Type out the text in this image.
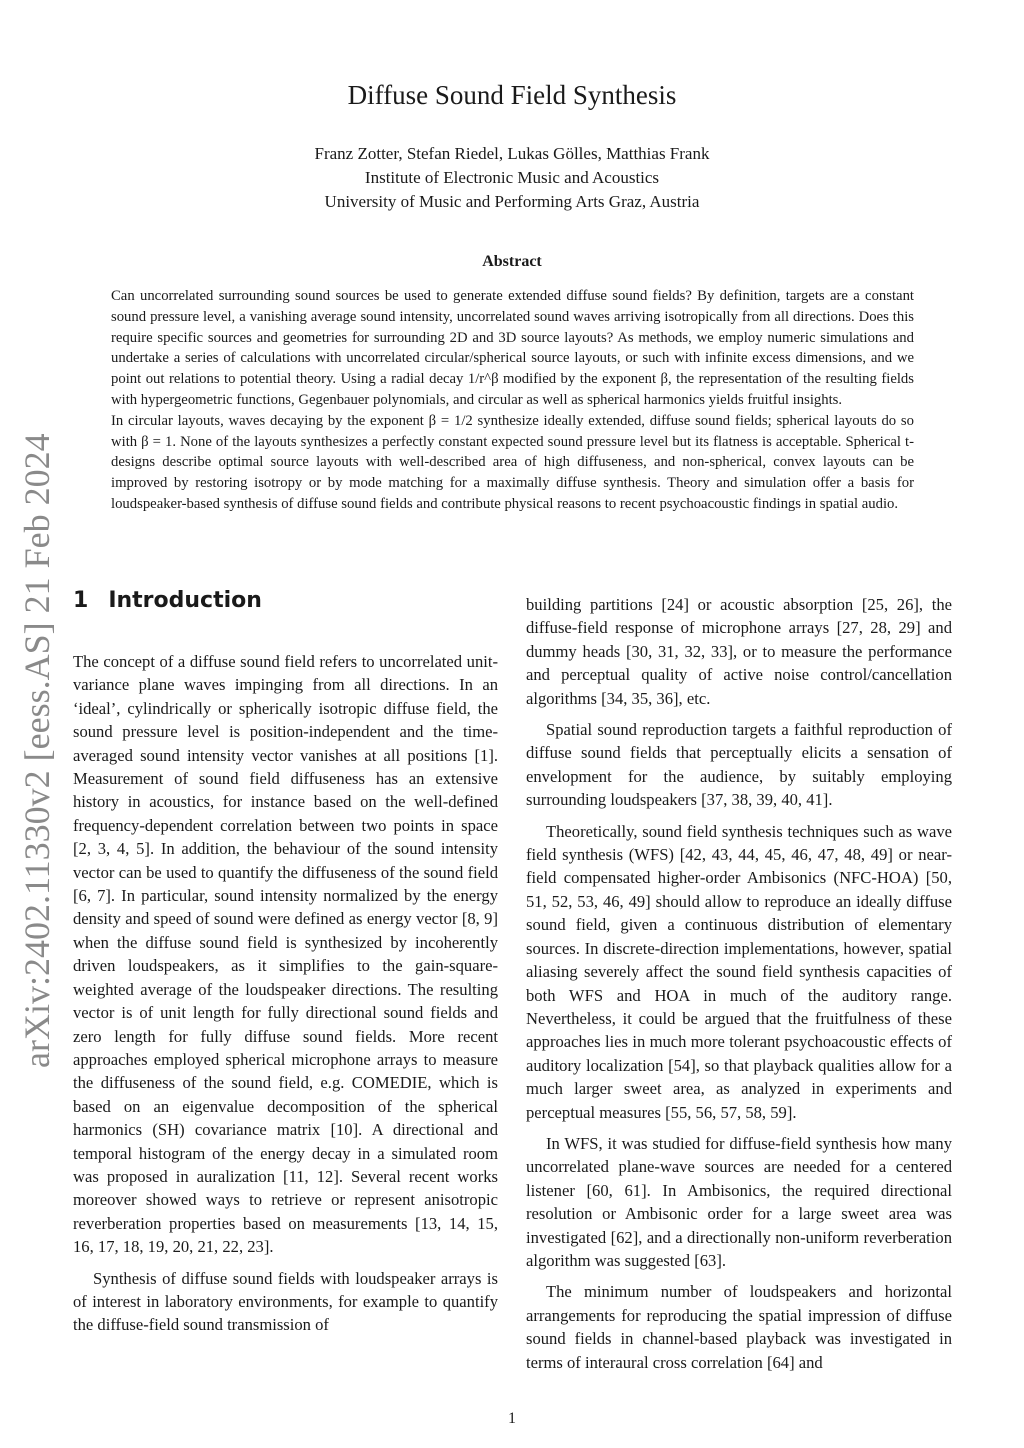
arXiv:2402.11330v2 [eess.AS] 21 Feb 2024
Diffuse Sound Field Synthesis
Franz Zotter, Stefan Riedel, Lukas Gölles, Matthias Frank
Institute of Electronic Music and Acoustics
University of Music and Performing Arts Graz, Austria
Abstract

Can uncorrelated surrounding sound sources be used to generate extended diffuse sound fields? By definition, targets are a constant sound pressure level, a vanishing average sound intensity, uncorrelated sound waves arriving isotropically from all directions. Does this require specific sources and geometries for surrounding 2D and 3D source layouts? As methods, we employ numeric simulations and undertake a series of calculations with uncorrelated circular/spherical source layouts, or such with infinite excess dimensions, and we point out relations to potential theory. Using a radial decay 1/r^β modified by the exponent β, the representation of the resulting fields with hypergeometric functions, Gegenbauer polynomials, and circular as well as spherical harmonics yields fruitful insights.

In circular layouts, waves decaying by the exponent β = 1/2 synthesize ideally extended, diffuse sound fields; spherical layouts do so with β = 1. None of the layouts synthesizes a perfectly constant expected sound pressure level but its flatness is acceptable. Spherical t-designs describe optimal source layouts with well-described area of high diffuseness, and non-spherical, convex layouts can be improved by restoring isotropy or by mode matching for a maximally diffuse synthesis. Theory and simulation offer a basis for loudspeaker-based synthesis of diffuse sound fields and contribute physical reasons to recent psychoacoustic findings in spatial audio.

1 Introduction

The concept of a diffuse sound field refers to uncorrelated unit-variance plane waves impinging from all directions. In an ‘ideal’, cylindrically or spherically isotropic diffuse field, the sound pressure level is position-independent and the time-averaged sound intensity vector vanishes at all positions [1]. Measurement of sound field diffuseness has an extensive history in acoustics, for instance based on the well-defined frequency-dependent correlation between two points in space [2, 3, 4, 5]. In addition, the behaviour of the sound intensity vector can be used to quantify the diffuseness of the sound field [6, 7]. In particular, sound intensity normalized by the energy density and speed of sound were defined as energy vector [8, 9] when the diffuse sound field is synthesized by incoherently driven loudspeakers, as it simplifies to the gain-square-weighted average of the loudspeaker directions. The resulting vector is of unit length for fully directional sound fields and zero length for fully diffuse sound fields. More recent approaches employed spherical microphone arrays to measure the diffuseness of the sound field, e.g. COMEDIE, which is based on an eigenvalue decomposition of the spherical harmonics (SH) covariance matrix [10]. A directional and temporal histogram of the energy decay in a simulated room was proposed in auralization [11, 12]. Several recent works moreover showed ways to retrieve or represent anisotropic reverberation properties based on measurements [13, 14, 15, 16, 17, 18, 19, 20, 21, 22, 23].

Synthesis of diffuse sound fields with loudspeaker arrays is of interest in laboratory environments, for example to quantify the diffuse-field sound transmission of

building partitions [24] or acoustic absorption [25, 26], the diffuse-field response of microphone arrays [27, 28, 29] and dummy heads [30, 31, 32, 33], or to measure the performance and perceptual quality of active noise control/cancellation algorithms [34, 35, 36], etc.

Spatial sound reproduction targets a faithful reproduction of diffuse sound fields that perceptually elicits a sensation of envelopment for the audience, by suitably employing surrounding loudspeakers [37, 38, 39, 40, 41].

Theoretically, sound field synthesis techniques such as wave field synthesis (WFS) [42, 43, 44, 45, 46, 47, 48, 49] or near-field compensated higher-order Ambisonics (NFC-HOA) [50, 51, 52, 53, 46, 49] should allow to reproduce an ideally diffuse sound field, given a continuous distribution of elementary sources. In discrete-direction implementations, however, spatial aliasing severely affect the sound field synthesis capacities of both WFS and HOA in much of the auditory range. Nevertheless, it could be argued that the fruitfulness of these approaches lies in much more tolerant psychoacoustic effects of auditory localization [54], so that playback qualities allow for a much larger sweet area, as analyzed in experiments and perceptual measures [55, 56, 57, 58, 59].

In WFS, it was studied for diffuse-field synthesis how many uncorrelated plane-wave sources are needed for a centered listener [60, 61]. In Ambisonics, the required directional resolution or Ambisonic order for a large sweet area was investigated [62], and a directionally non-uniform reverberation algorithm was suggested [63].

The minimum number of loudspeakers and horizontal arrangements for reproducing the spatial impression of diffuse sound fields in channel-based playback was investigated in terms of interaural cross correlation [64] and

1
